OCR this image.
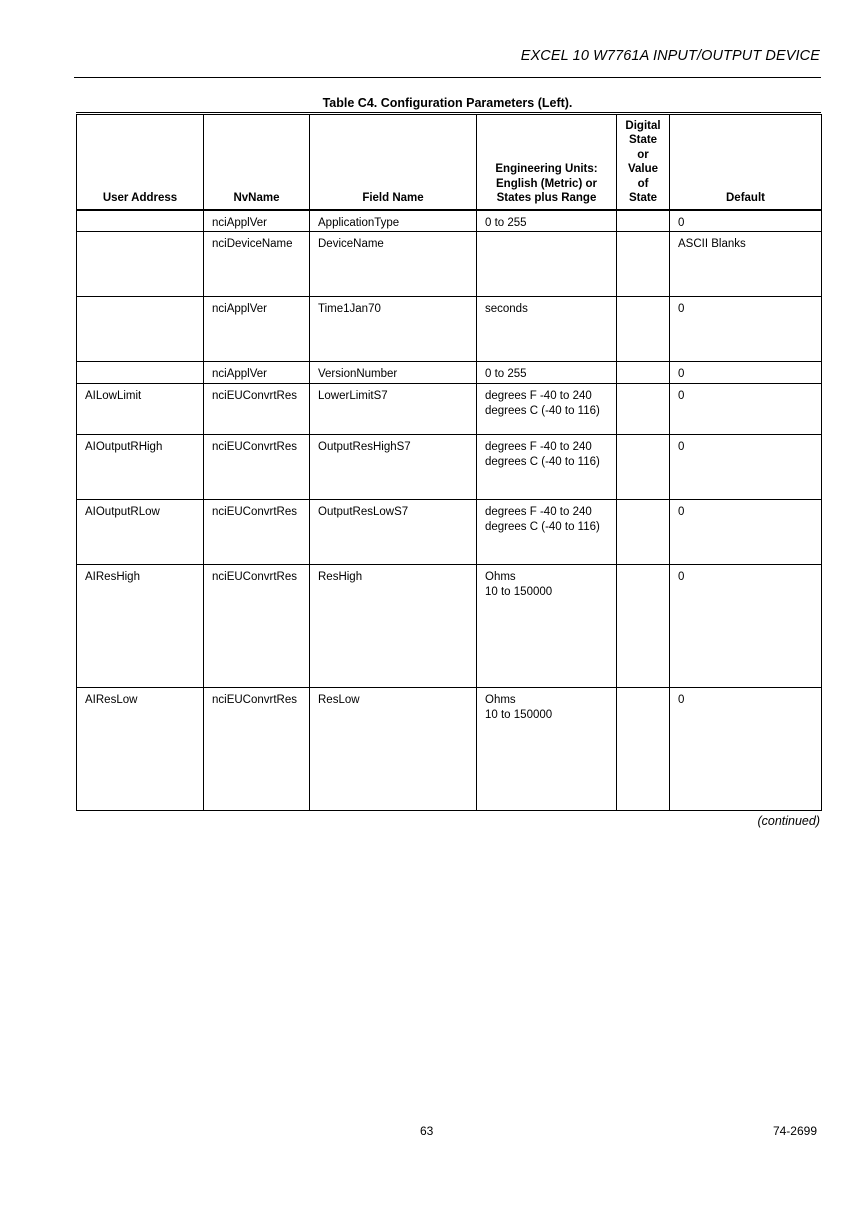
EXCEL 10 W7761A INPUT/OUTPUT DEVICE
Table C4. Configuration Parameters (Left).
User Address	NvName	Field Name	Engineering Units: English (Metric) or States plus Range	Digital State or Value of State	Default
	nciApplVer	ApplicationType	0 to 255		0
	nciDeviceName	DeviceName			ASCII Blanks
	nciApplVer	Time1Jan70	seconds		0
	nciApplVer	VersionNumber	0 to 255		0
AILowLimit	nciEUConvrtRes	LowerLimitS7	degrees F -40 to 240
degrees C (-40 to 116)		0
AIOutputRHigh	nciEUConvrtRes	OutputResHighS7	degrees F -40 to 240
degrees C (-40 to 116)		0
AIOutputRLow	nciEUConvrtRes	OutputResLowS7	degrees F -40 to 240
degrees C (-40 to 116)		0
AIResHigh	nciEUConvrtRes	ResHigh	Ohms
10 to 150000		0
AIResLow	nciEUConvrtRes	ResLow	Ohms
10 to 150000		0
(continued)
63	74-2699
